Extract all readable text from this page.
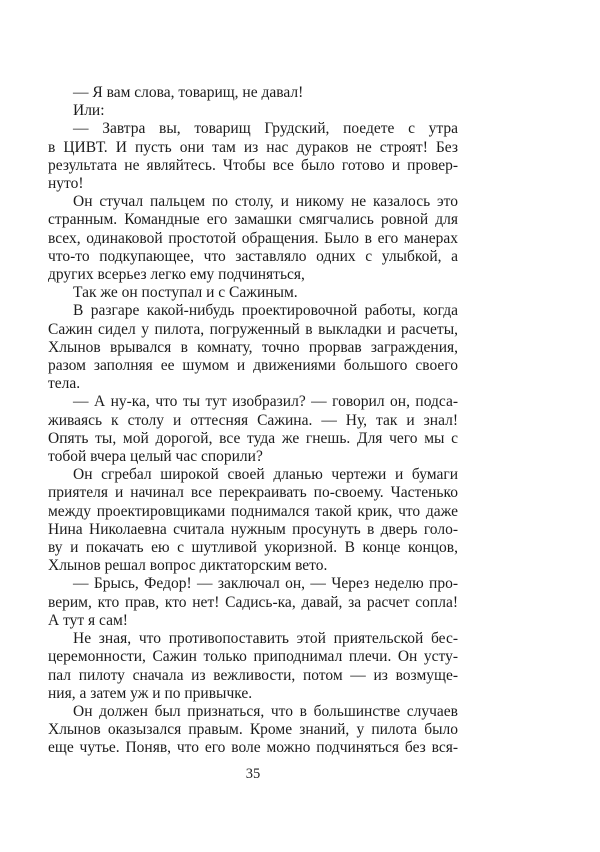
— Я вам слова, товарищ, не давал!
Или:
— Завтра вы, товарищ Грудский, поедете с утра
в ЦИВТ. И пусть они там из нас дураков не строят! Без
результата не являйтесь. Чтобы все было готово и провер-
нуто!
Он стучал пальцем по столу, и никому не казалось это
странным. Командные его замашки смягчались ровной для
всех, одинаковой простотой обращения. Было в его манерах
что-то подкупающее, что заставляло одних с улыбкой, а
других всерьез легко ему подчиняться,
Так же он поступал и с Сажиным.
В разгаре какой-нибудь проектировочной работы, когда
Сажин сидел у пилота, погруженный в выкладки и расчеты,
Хлынов врывался в комнату, точно прорвав заграждения,
разом заполняя ее шумом и движениями большого своего
тела.
— А ну-ка, что ты тут изобразил? — говорил он, подса-
живаясь к столу и оттесняя Сажина. — Ну, так и знал!
Опять ты, мой дорогой, все туда же гнешь. Для чего мы с
тобой вчера целый час спорили?
Он сгребал широкой своей дланью чертежи и бумаги
приятеля и начинал все перекраивать по-своему. Частенько
между проектировщиками поднимался такой крик, что даже
Нина Николаевна считала нужным просунуть в дверь голо-
ву и покачать ею с шутливой укоризной. В конце концов,
Хлынов решал вопрос диктаторским вето.
— Брысь, Федор! — заключал он, — Через неделю про-
верим, кто прав, кто нет! Садись-ка, давай, за расчет сопла!
А тут я сам!
Не зная, что противопоставить этой приятельской бес-
церемонности, Сажин только приподнимал плечи. Он усту-
пал пилоту сначала из вежливости, потом — из возмуще-
ния, а затем уж и по привычке.
Он должен был признаться, что в большинстве случаев
Хлынов оказызался правым. Кроме знаний, у пилота было
еще чутье. Поняв, что его воле можно подчиняться без вся-
35
